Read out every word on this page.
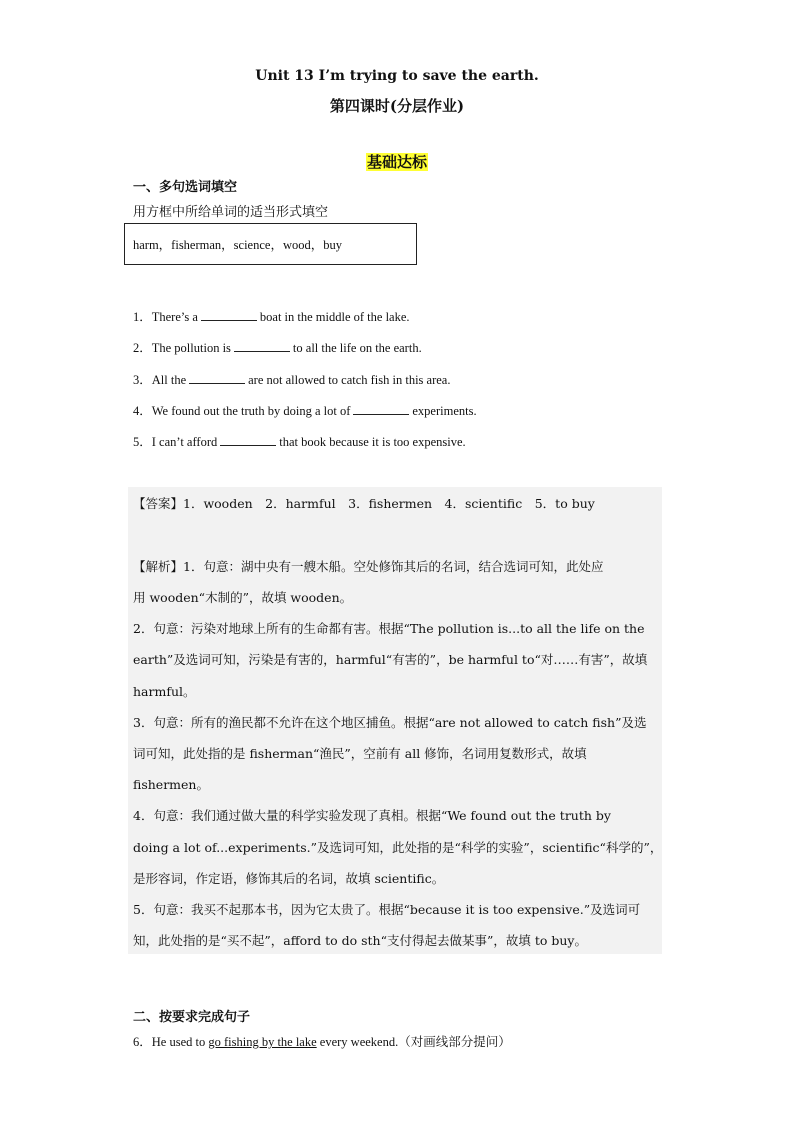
Unit 13 I’m trying to save the earth.
第四课时(分层作业)
基础达标
一、多句选词填空
用方框中所给单词的适当形式填空
harm，fisherman，science，wood，buy
1．There’s a	boat in the middle of the lake.
2．The pollution is	to all the life on the earth.
3．All the	are not allowed to catch fish in this area.
4．We found out the truth by doing a lot of	experiments.
5．I can’t afford	that book because it is too expensive.
【答案】1．wooden　2．harmful　3．fishermen　4．scientific　5．to buy
【解析】1．句意：湖中央有一艘木船。空处修饰其后的名词，结合选词可知，此处应
用 wooden“木制的”，故填 wooden。
2．句意：污染对地球上所有的生命都有害。根据“The pollution is...to all the life on the
earth”及选词可知，污染是有害的，harmful“有害的”，be harmful to“对……有害”，故填
harmful。
3．句意：所有的渔民都不允许在这个地区捕鱼。根据“are not allowed to catch fish”及选
词可知，此处指的是 fisherman“渔民”，空前有 all 修饰，名词用复数形式，故填
fishermen。
4．句意：我们通过做大量的科学实验发现了真相。根据“We found out the truth by
doing a lot of...experiments.”及选词可知，此处指的是“科学的实验”，scientific“科学的”，
是形容词，作定语，修饰其后的名词，故填 scientific。
5．句意：我买不起那本书，因为它太贵了。根据“because it is too expensive.”及选词可
知，此处指的是“买不起”，afford to do sth“支付得起去做某事”，故填 to buy。
二、按要求完成句子
6．He used to go fishing by the lake every weekend.（对画线部分提问）
